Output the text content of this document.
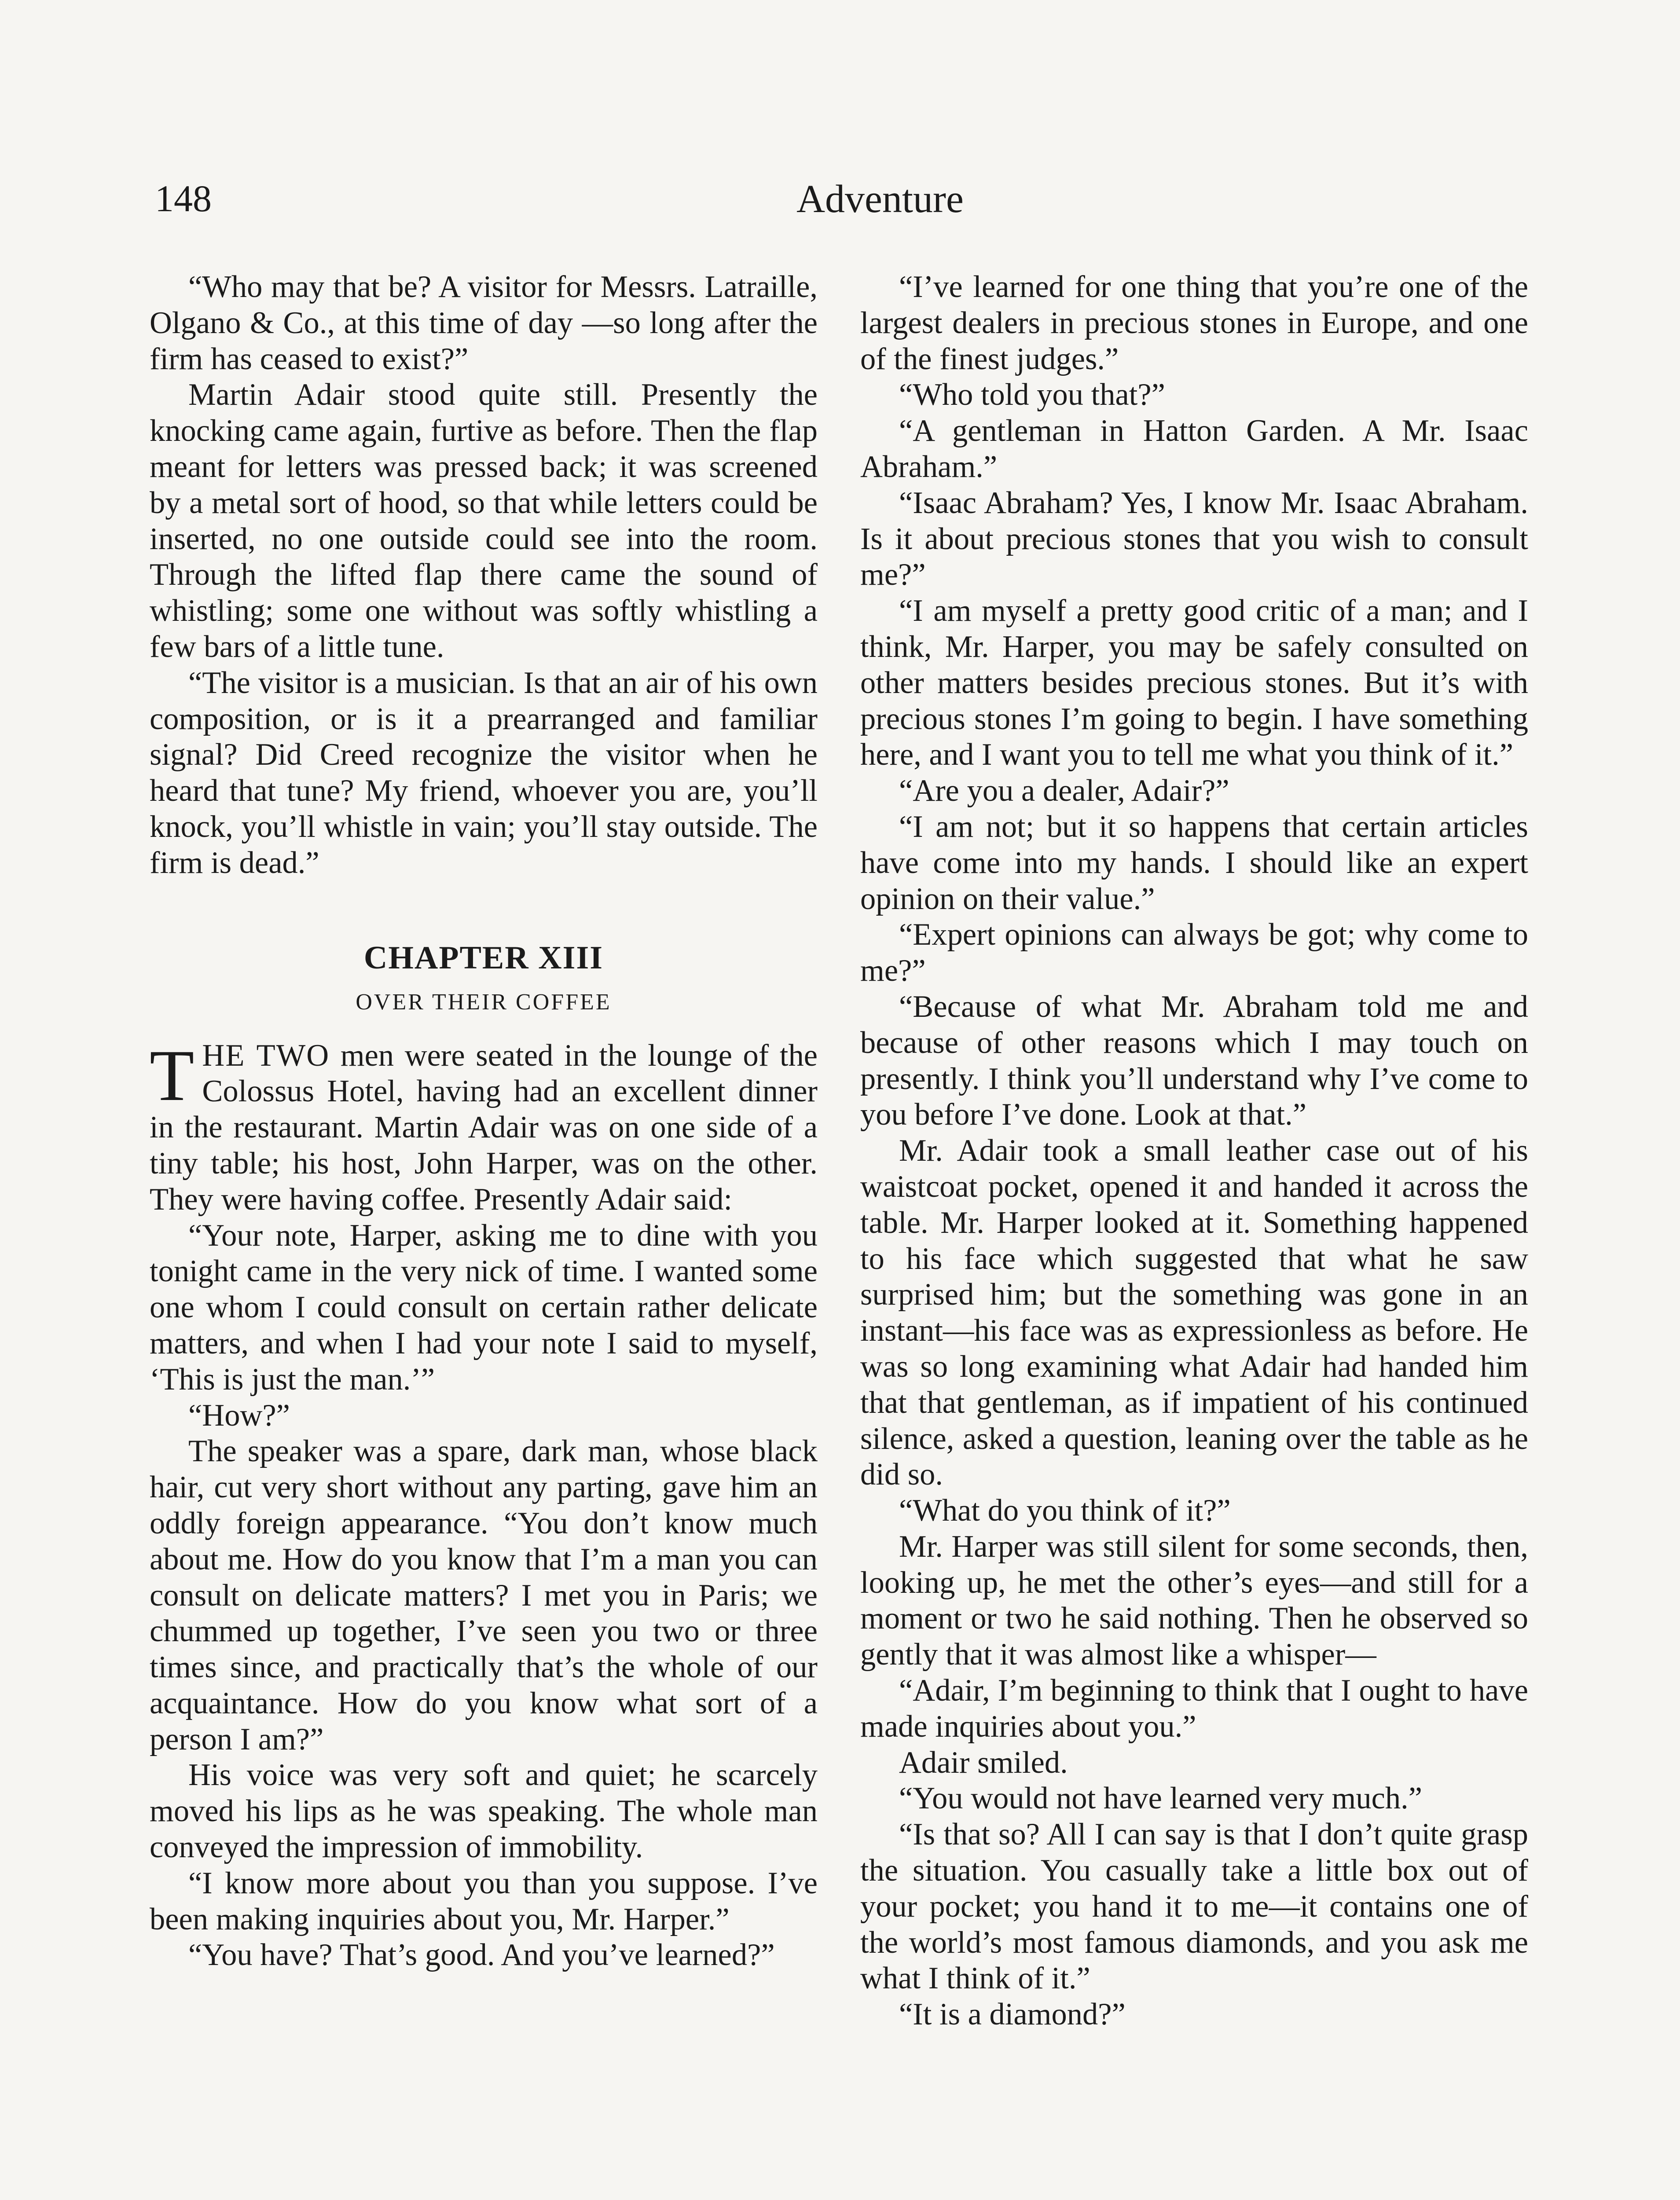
148	Adventure

“Who may that be? A visitor for Messrs. Latraille, Olgano & Co., at this time of day —so long after the firm has ceased to exist?”

Martin Adair stood quite still. Presently the knocking came again, furtive as before. Then the flap meant for letters was pressed back; it was screened by a metal sort of hood, so that while letters could be inserted, no one outside could see into the room. Through the lifted flap there came the sound of whistling; some one without was softly whistling a few bars of a little tune.

“The visitor is a musician. Is that an air of his own composition, or is it a prearranged and familiar signal? Did Creed recognize the visitor when he heard that tune? My friend, whoever you are, you’ll knock, you’ll whistle in vain; you’ll stay outside. The firm is dead.”

CHAPTER XIII
OVER THEIR COFFEE

THE TWO men were seated in the lounge of the Colossus Hotel, having had an excellent dinner in the restaurant. Martin Adair was on one side of a tiny table; his host, John Harper, was on the other. They were having coffee. Presently Adair said:

“Your note, Harper, asking me to dine with you tonight came in the very nick of time. I wanted some one whom I could consult on certain rather delicate matters, and when I had your note I said to myself, ‘This is just the man.’”

“How?”

The speaker was a spare, dark man, whose black hair, cut very short without any parting, gave him an oddly foreign appearance. “You don’t know much about me. How do you know that I’m a man you can consult on delicate matters? I met you in Paris; we chummed up together, I’ve seen you two or three times since, and practically that’s the whole of our acquaintance. How do you know what sort of a person I am?”

His voice was very soft and quiet; he scarcely moved his lips as he was speaking. The whole man conveyed the impression of immobility.

“I know more about you than you suppose. I’ve been making inquiries about you, Mr. Harper.”

“You have? That’s good. And you’ve learned?”

“I’ve learned for one thing that you’re one of the largest dealers in precious stones in Europe, and one of the finest judges.”

“Who told you that?”

“A gentleman in Hatton Garden. A Mr. Isaac Abraham.”

“Isaac Abraham? Yes, I know Mr. Isaac Abraham. Is it about precious stones that you wish to consult me?”

“I am myself a pretty good critic of a man; and I think, Mr. Harper, you may be safely consulted on other matters besides precious stones. But it’s with precious stones I’m going to begin. I have something here, and I want you to tell me what you think of it.”

“Are you a dealer, Adair?”

“I am not; but it so happens that certain articles have come into my hands. I should like an expert opinion on their value.”

“Expert opinions can always be got; why come to me?”

“Because of what Mr. Abraham told me and because of other reasons which I may touch on presently. I think you’ll understand why I’ve come to you before I’ve done. Look at that.”

Mr. Adair took a small leather case out of his waistcoat pocket, opened it and handed it across the table. Mr. Harper looked at it. Something happened to his face which suggested that what he saw surprised him; but the something was gone in an instant—his face was as expressionless as before. He was so long examining what Adair had handed him that that gentleman, as if impatient of his continued silence, asked a question, leaning over the table as he did so.

“What do you think of it?”

Mr. Harper was still silent for some seconds, then, looking up, he met the other’s eyes—and still for a moment or two he said nothing. Then he observed so gently that it was almost like a whisper—

“Adair, I’m beginning to think that I ought to have made inquiries about you.”

Adair smiled.

“You would not have learned very much.”

“Is that so? All I can say is that I don’t quite grasp the situation. You casually take a little box out of your pocket; you hand it to me—it contains one of the world’s most famous diamonds, and you ask me what I think of it.”

“It is a diamond?”
